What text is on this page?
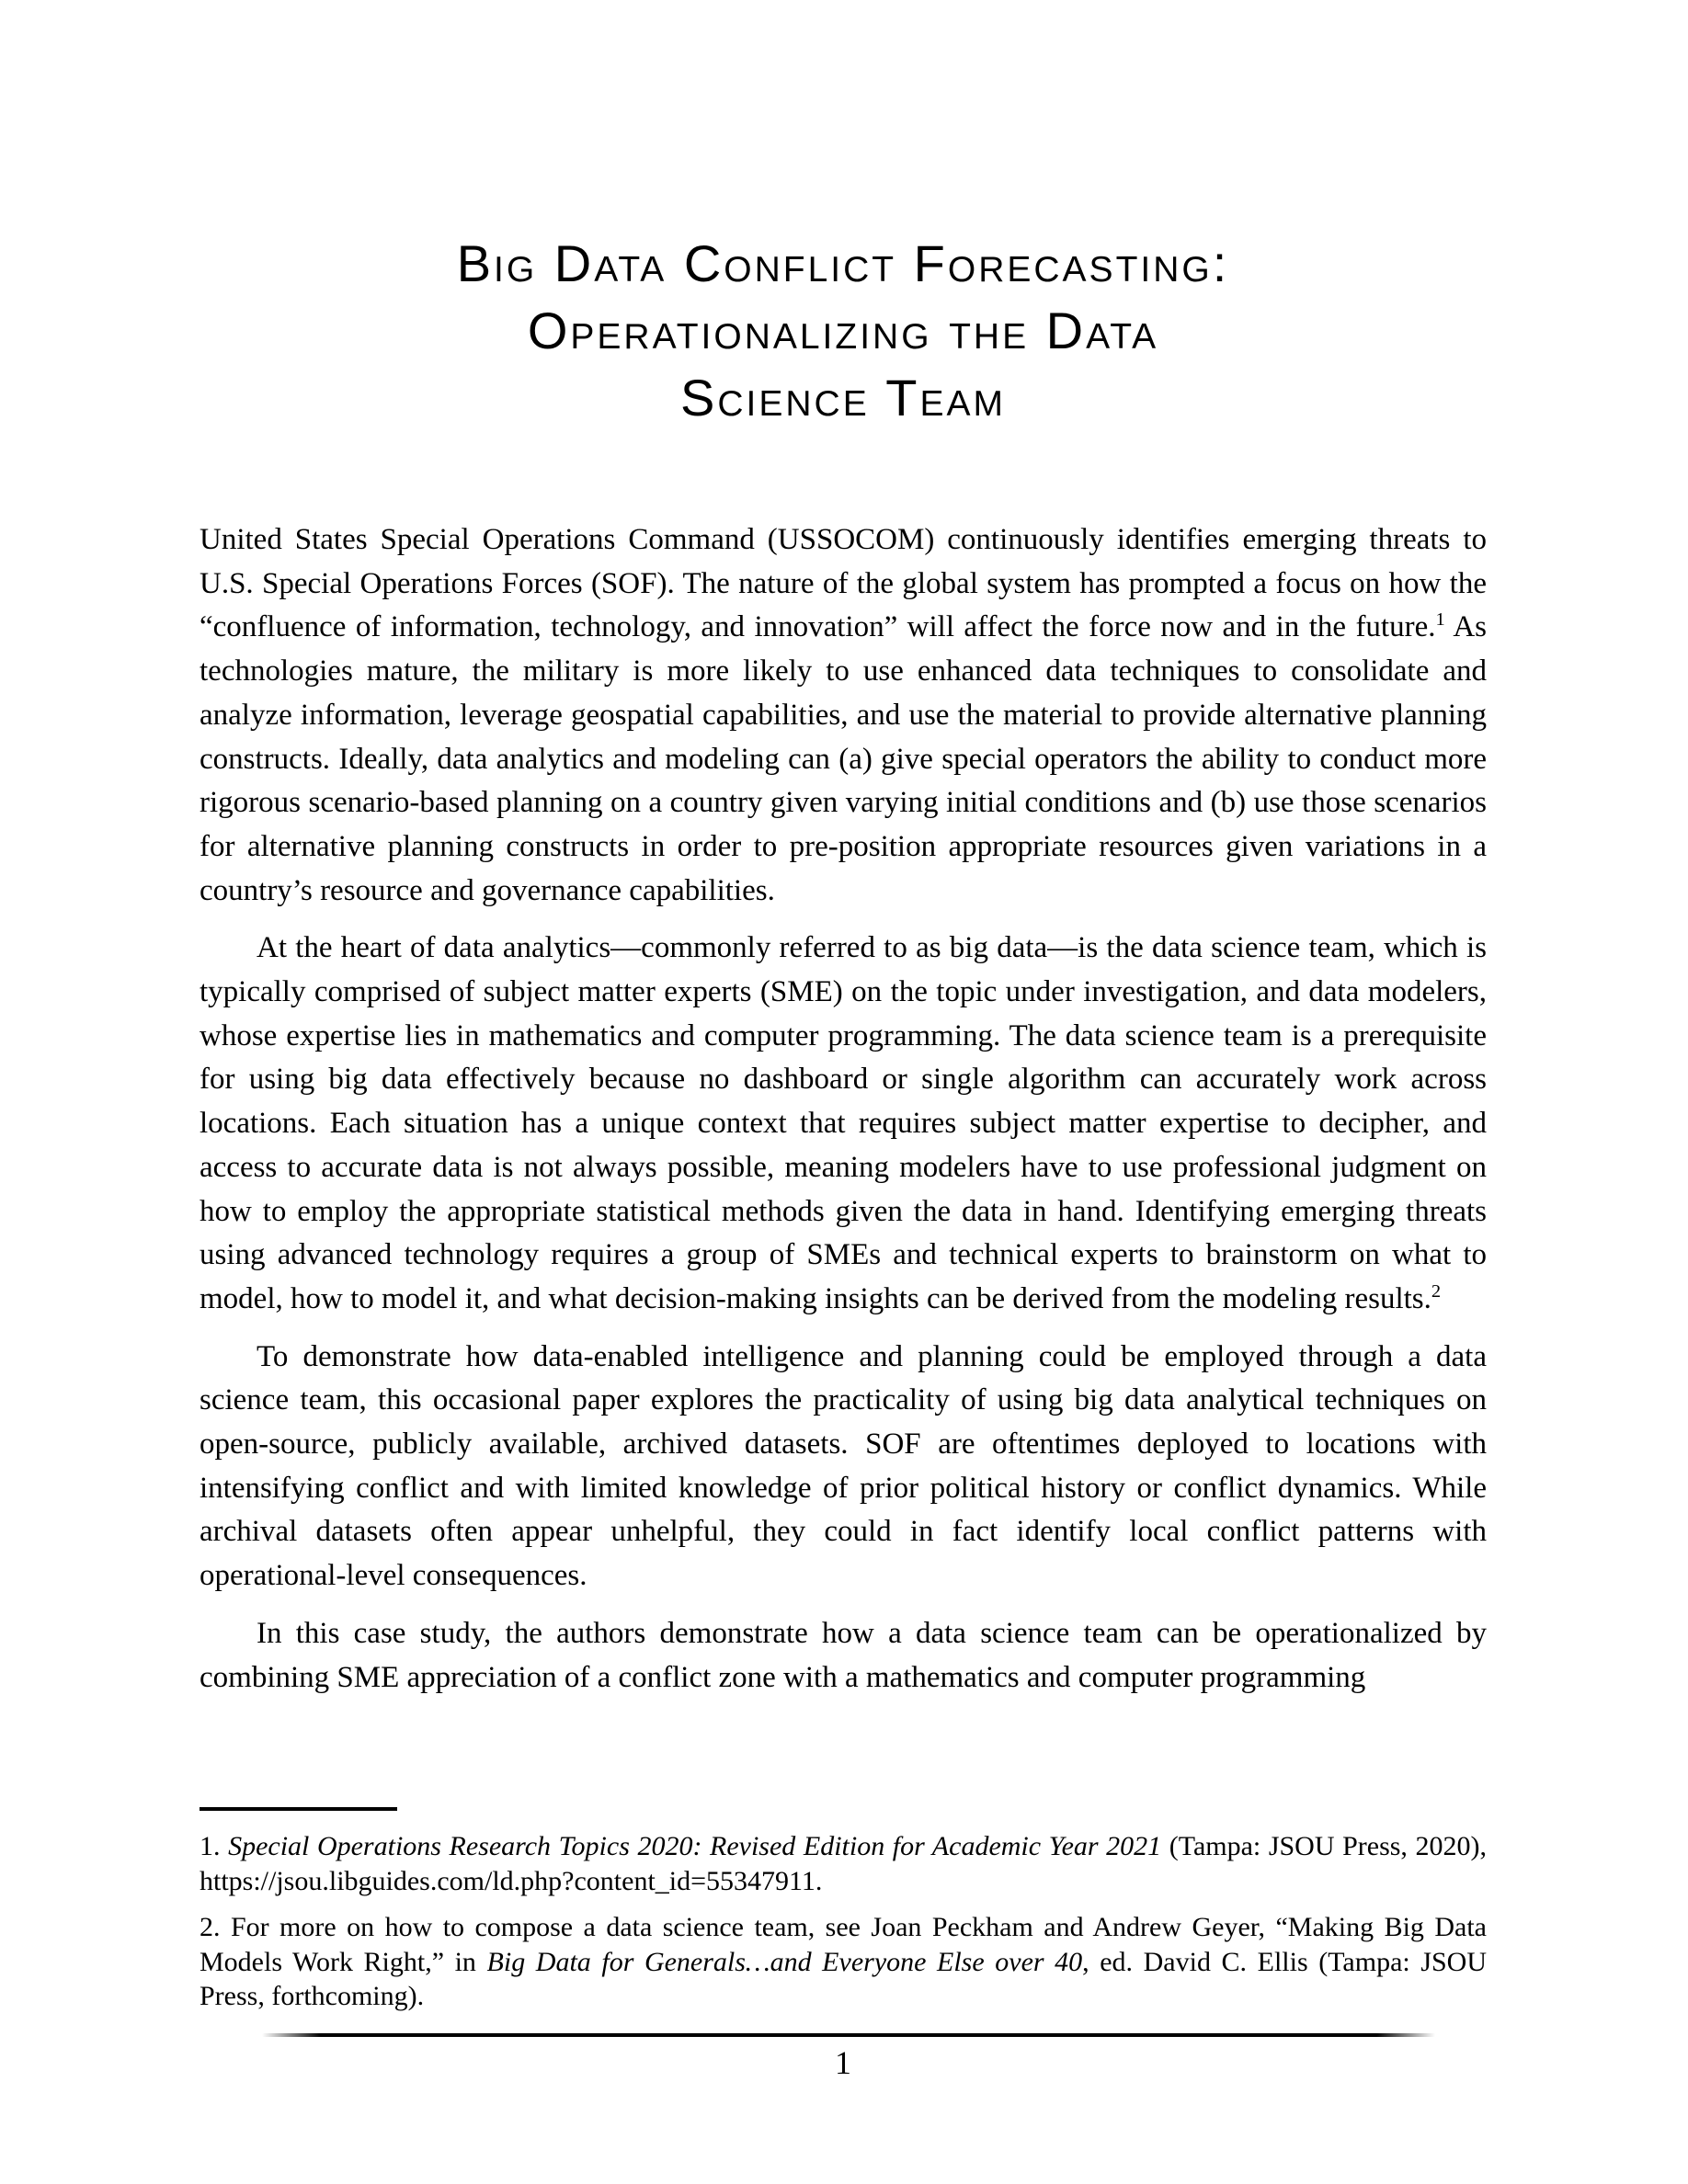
Big Data Conflict Forecasting:
Operationalizing the Data
Science Team

United States Special Operations Command (USSOCOM) continuously identifies emerging threats to U.S. Special Operations Forces (SOF). The nature of the global system has prompted a focus on how the “confluence of information, technology, and innovation” will affect the force now and in the future.$^1$ As technologies mature, the military is more likely to use enhanced data techniques to consolidate and analyze information, leverage geospatial capabilities, and use the material to provide alternative planning constructs. Ideally, data analytics and modeling can (a) give special operators the ability to conduct more rigorous scenario-based planning on a country given varying initial conditions and (b) use those scenarios for alternative planning constructs in order to pre-position appropriate resources given variations in a country’s resource and governance capabilities.

At the heart of data analytics—commonly referred to as big data—is the data science team, which is typically comprised of subject matter experts (SME) on the topic under investigation, and data modelers, whose expertise lies in mathematics and computer programming. The data science team is a prerequisite for using big data effectively because no dashboard or single algorithm can accurately work across locations. Each situation has a unique context that requires subject matter expertise to decipher, and access to accurate data is not always possible, meaning modelers have to use professional judgment on how to employ the appropriate statistical methods given the data in hand. Identifying emerging threats using advanced technology requires a group of SMEs and technical experts to brainstorm on what to model, how to model it, and what decision-making insights can be derived from the modeling results.$^2$

To demonstrate how data-enabled intelligence and planning could be employed through a data science team, this occasional paper explores the practicality of using big data analytical techniques on open-source, publicly available, archived datasets. SOF are oftentimes deployed to locations with intensifying conflict and with limited knowledge of prior political history or conflict dynamics. While archival datasets often appear unhelpful, they could in fact identify local conflict patterns with operational-level consequences.

In this case study, the authors demonstrate how a data science team can be operationalized by combining SME appreciation of a conflict zone with a mathematics and computer programming

1. Special Operations Research Topics 2020: Revised Edition for Academic Year 2021 (Tampa: JSOU Press, 2020), https://jsou.libguides.com/ld.php?content_id=55347911.

2. For more on how to compose a data science team, see Joan Peckham and Andrew Geyer, “Making Big Data Models Work Right,” in Big Data for Generals…and Everyone Else over 40, ed. David C. Ellis (Tampa: JSOU Press, forthcoming).

1
